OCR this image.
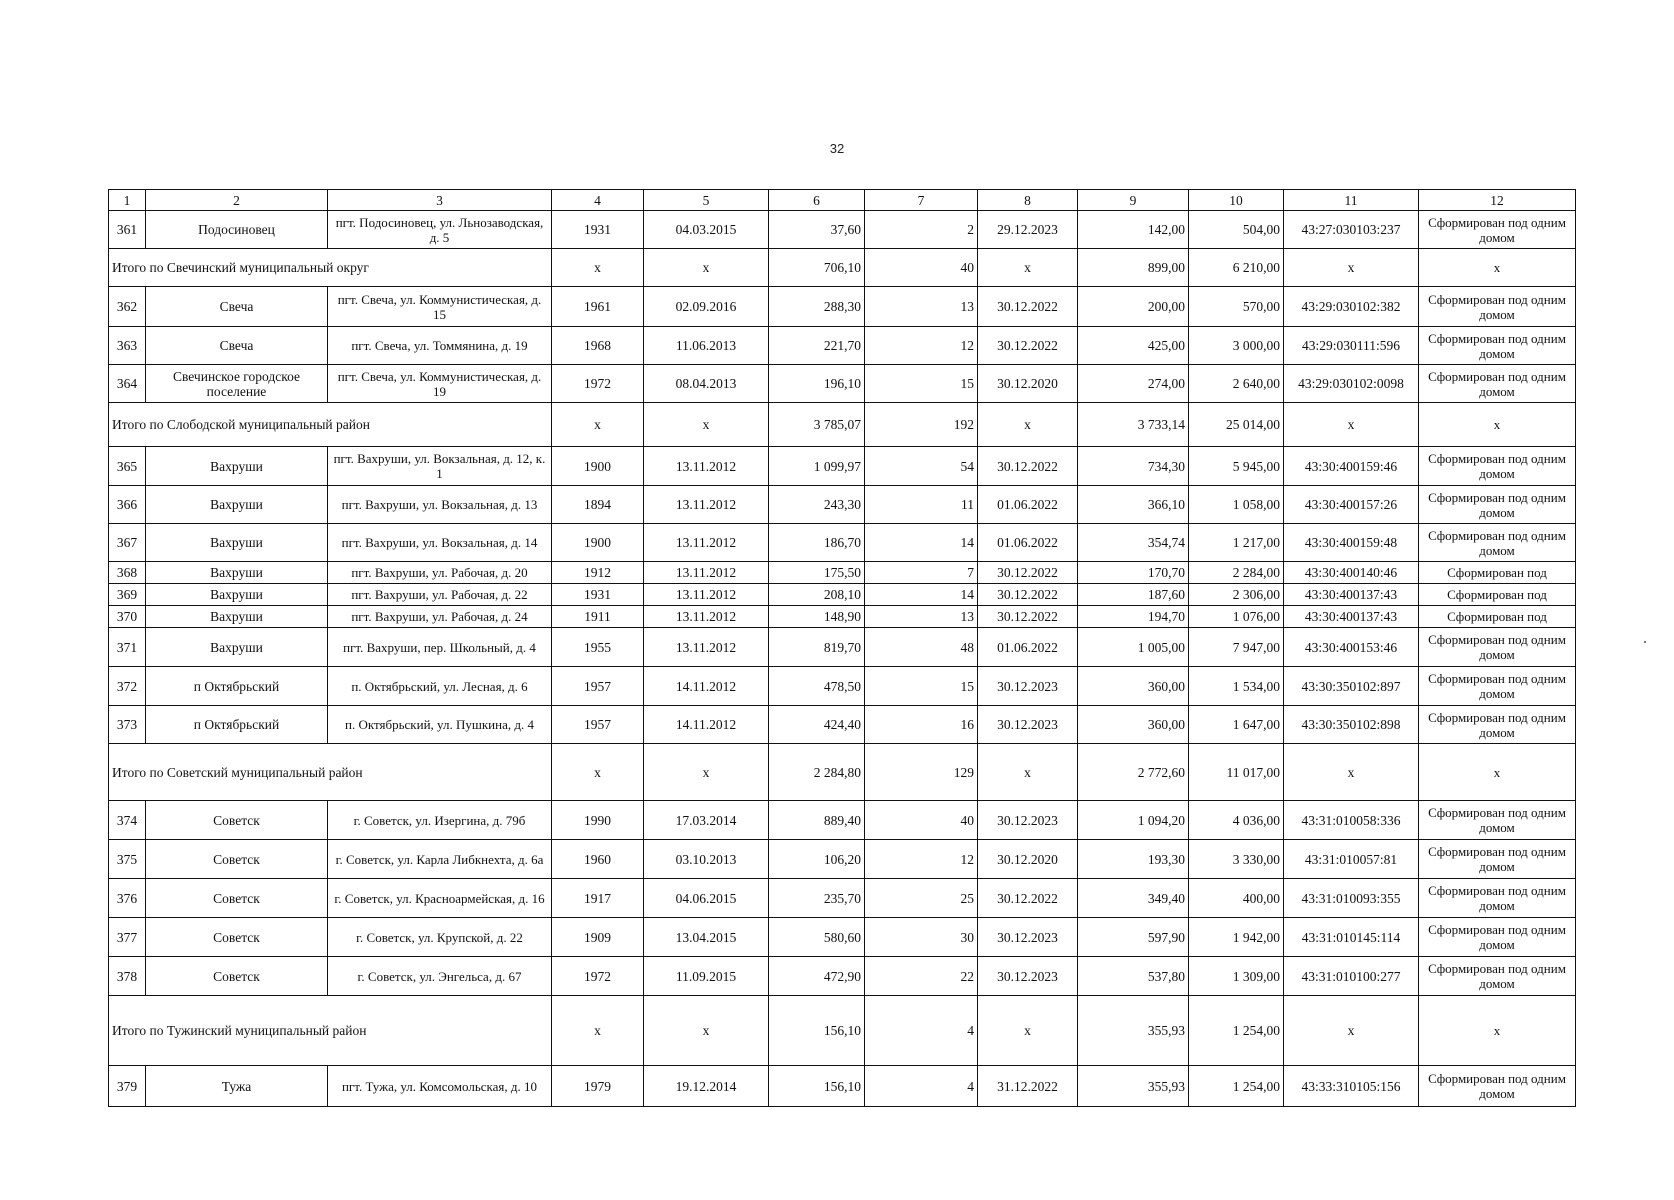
32
1	2	3	4	5	6	7	8	9	10	11	12
361	Подосиновец	пгт. Подосиновец, ул. Льнозаводская, д. 5	1931	04.03.2015	37,60	2	29.12.2023	142,00	504,00	43:27:030103:237	Сформирован под одним домом
Итого по Свечинский муниципальный округ			x	x	706,10	40	x	899,00	6 210,00	x	x
362	Свеча	пгт. Свеча, ул. Коммунистическая, д. 15	1961	02.09.2016	288,30	13	30.12.2022	200,00	570,00	43:29:030102:382	Сформирован под одним домом
363	Свеча	пгт. Свеча, ул. Томмянина, д. 19	1968	11.06.2013	221,70	12	30.12.2022	425,00	3 000,00	43:29:030111:596	Сформирован под одним домом
364	Свечинское городское поселение	пгт. Свеча, ул. Коммунистическая, д. 19	1972	08.04.2013	196,10	15	30.12.2020	274,00	2 640,00	43:29:030102:0098	Сформирован под одним домом
Итого по Слободской муниципальный район			x	x	3 785,07	192	x	3 733,14	25 014,00	x	x
365	Вахруши	пгт. Вахруши, ул. Вокзальная, д. 12, к. 1	1900	13.11.2012	1 099,97	54	30.12.2022	734,30	5 945,00	43:30:400159:46	Сформирован под одним домом
366	Вахруши	пгт. Вахруши, ул. Вокзальная, д. 13	1894	13.11.2012	243,30	11	01.06.2022	366,10	1 058,00	43:30:400157:26	Сформирован под одним домом
367	Вахруши	пгт. Вахруши, ул. Вокзальная, д. 14	1900	13.11.2012	186,70	14	01.06.2022	354,74	1 217,00	43:30:400159:48	Сформирован под одним домом
368	Вахруши	пгт. Вахруши, ул. Рабочая, д. 20	1912	13.11.2012	175,50	7	30.12.2022	170,70	2 284,00	43:30:400140:46	Сформирован под
369	Вахруши	пгт. Вахруши, ул. Рабочая, д. 22	1931	13.11.2012	208,10	14	30.12.2022	187,60	2 306,00	43:30:400137:43	Сформирован под
370	Вахруши	пгт. Вахруши, ул. Рабочая, д. 24	1911	13.11.2012	148,90	13	30.12.2022	194,70	1 076,00	43:30:400137:43	Сформирован под
371	Вахруши	пгт. Вахруши, пер. Школьный, д. 4	1955	13.11.2012	819,70	48	01.06.2022	1 005,00	7 947,00	43:30:400153:46	Сформирован под одним домом
372	п Октябрьский	п. Октябрьский, ул. Лесная, д. 6	1957	14.11.2012	478,50	15	30.12.2023	360,00	1 534,00	43:30:350102:897	Сформирован под одним домом
373	п Октябрьский	п. Октябрьский, ул. Пушкина, д. 4	1957	14.11.2012	424,40	16	30.12.2023	360,00	1 647,00	43:30:350102:898	Сформирован под одним домом
Итого по Советский муниципальный район			x	x	2 284,80	129	x	2 772,60	11 017,00	x	x
374	Советск	г. Советск, ул. Изергина, д. 79б	1990	17.03.2014	889,40	40	30.12.2023	1 094,20	4 036,00	43:31:010058:336	Сформирован под одним домом
375	Советск	г. Советск, ул. Карла Либкнехта, д. 6а	1960	03.10.2013	106,20	12	30.12.2020	193,30	3 330,00	43:31:010057:81	Сформирован под одним домом
376	Советск	г. Советск, ул. Красноармейская, д. 16	1917	04.06.2015	235,70	25	30.12.2022	349,40	400,00	43:31:010093:355	Сформирован под одним домом
377	Советск	г. Советск, ул. Крупской, д. 22	1909	13.04.2015	580,60	30	30.12.2023	597,90	1 942,00	43:31:010145:114	Сформирован под одним домом
378	Советск	г. Советск, ул. Энгельса, д. 67	1972	11.09.2015	472,90	22	30.12.2023	537,80	1 309,00	43:31:010100:277	Сформирован под одним домом
Итого по Тужинский муниципальный район			x	x	156,10	4	x	355,93	1 254,00	x	x
379	Тужа	пгт. Тужа, ул. Комсомольская, д. 10	1979	19.12.2014	156,10	4	31.12.2022	355,93	1 254,00	43:33:310105:156	Сформирован под одним домом
